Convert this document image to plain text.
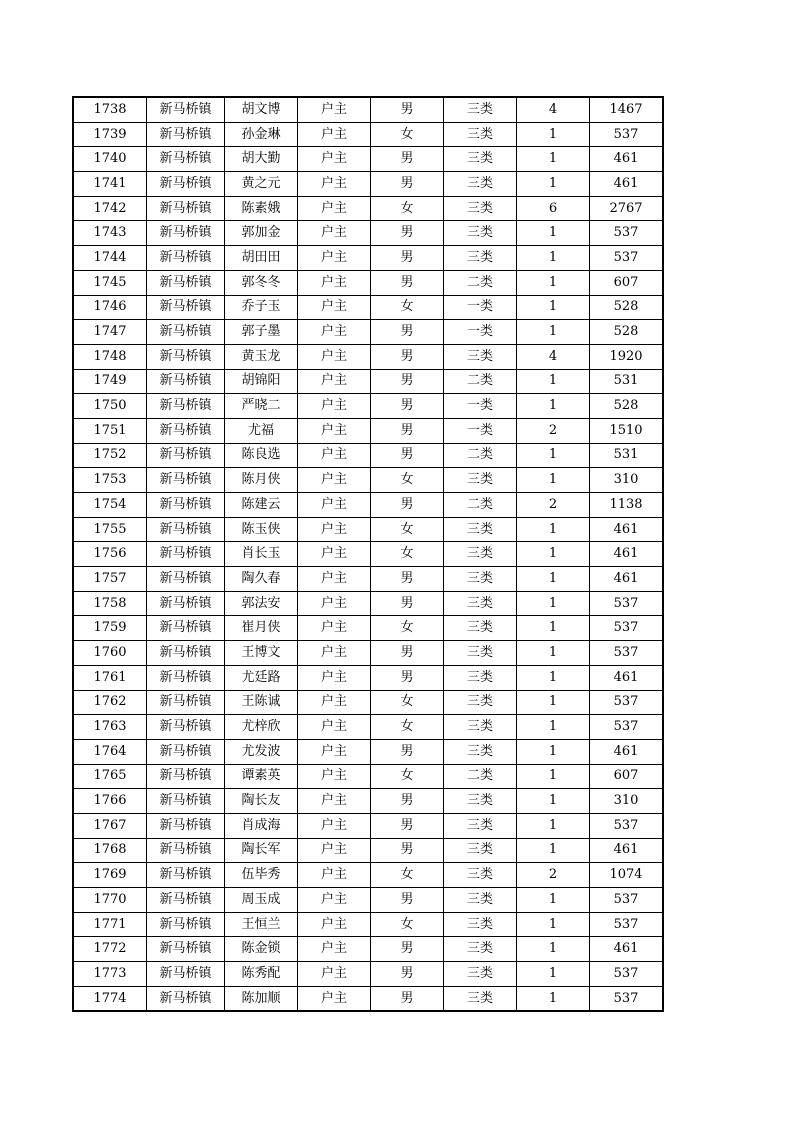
1738	新马桥镇	胡文博	户主	男	三类	4	1467
1739	新马桥镇	孙金琳	户主	女	三类	1	537
1740	新马桥镇	胡大勤	户主	男	三类	1	461
1741	新马桥镇	黄之元	户主	男	三类	1	461
1742	新马桥镇	陈素娥	户主	女	三类	6	2767
1743	新马桥镇	郭加金	户主	男	三类	1	537
1744	新马桥镇	胡田田	户主	男	三类	1	537
1745	新马桥镇	郭冬冬	户主	男	二类	1	607
1746	新马桥镇	乔子玉	户主	女	一类	1	528
1747	新马桥镇	郭子墨	户主	男	一类	1	528
1748	新马桥镇	黄玉龙	户主	男	三类	4	1920
1749	新马桥镇	胡锦阳	户主	男	二类	1	531
1750	新马桥镇	严晓二	户主	男	一类	1	528
1751	新马桥镇	尤福	户主	男	一类	2	1510
1752	新马桥镇	陈良选	户主	男	二类	1	531
1753	新马桥镇	陈月侠	户主	女	三类	1	310
1754	新马桥镇	陈建云	户主	男	二类	2	1138
1755	新马桥镇	陈玉侠	户主	女	三类	1	461
1756	新马桥镇	肖长玉	户主	女	三类	1	461
1757	新马桥镇	陶久春	户主	男	三类	1	461
1758	新马桥镇	郭法安	户主	男	三类	1	537
1759	新马桥镇	崔月侠	户主	女	三类	1	537
1760	新马桥镇	王博文	户主	男	三类	1	537
1761	新马桥镇	尤廷路	户主	男	三类	1	461
1762	新马桥镇	王陈诚	户主	女	三类	1	537
1763	新马桥镇	尤梓欣	户主	女	三类	1	537
1764	新马桥镇	尤发波	户主	男	三类	1	461
1765	新马桥镇	谭素英	户主	女	二类	1	607
1766	新马桥镇	陶长友	户主	男	三类	1	310
1767	新马桥镇	肖成海	户主	男	三类	1	537
1768	新马桥镇	陶长军	户主	男	三类	1	461
1769	新马桥镇	伍毕秀	户主	女	三类	2	1074
1770	新马桥镇	周玉成	户主	男	三类	1	537
1771	新马桥镇	王恒兰	户主	女	三类	1	537
1772	新马桥镇	陈金锁	户主	男	三类	1	461
1773	新马桥镇	陈秀配	户主	男	三类	1	537
1774	新马桥镇	陈加顺	户主	男	三类	1	537
